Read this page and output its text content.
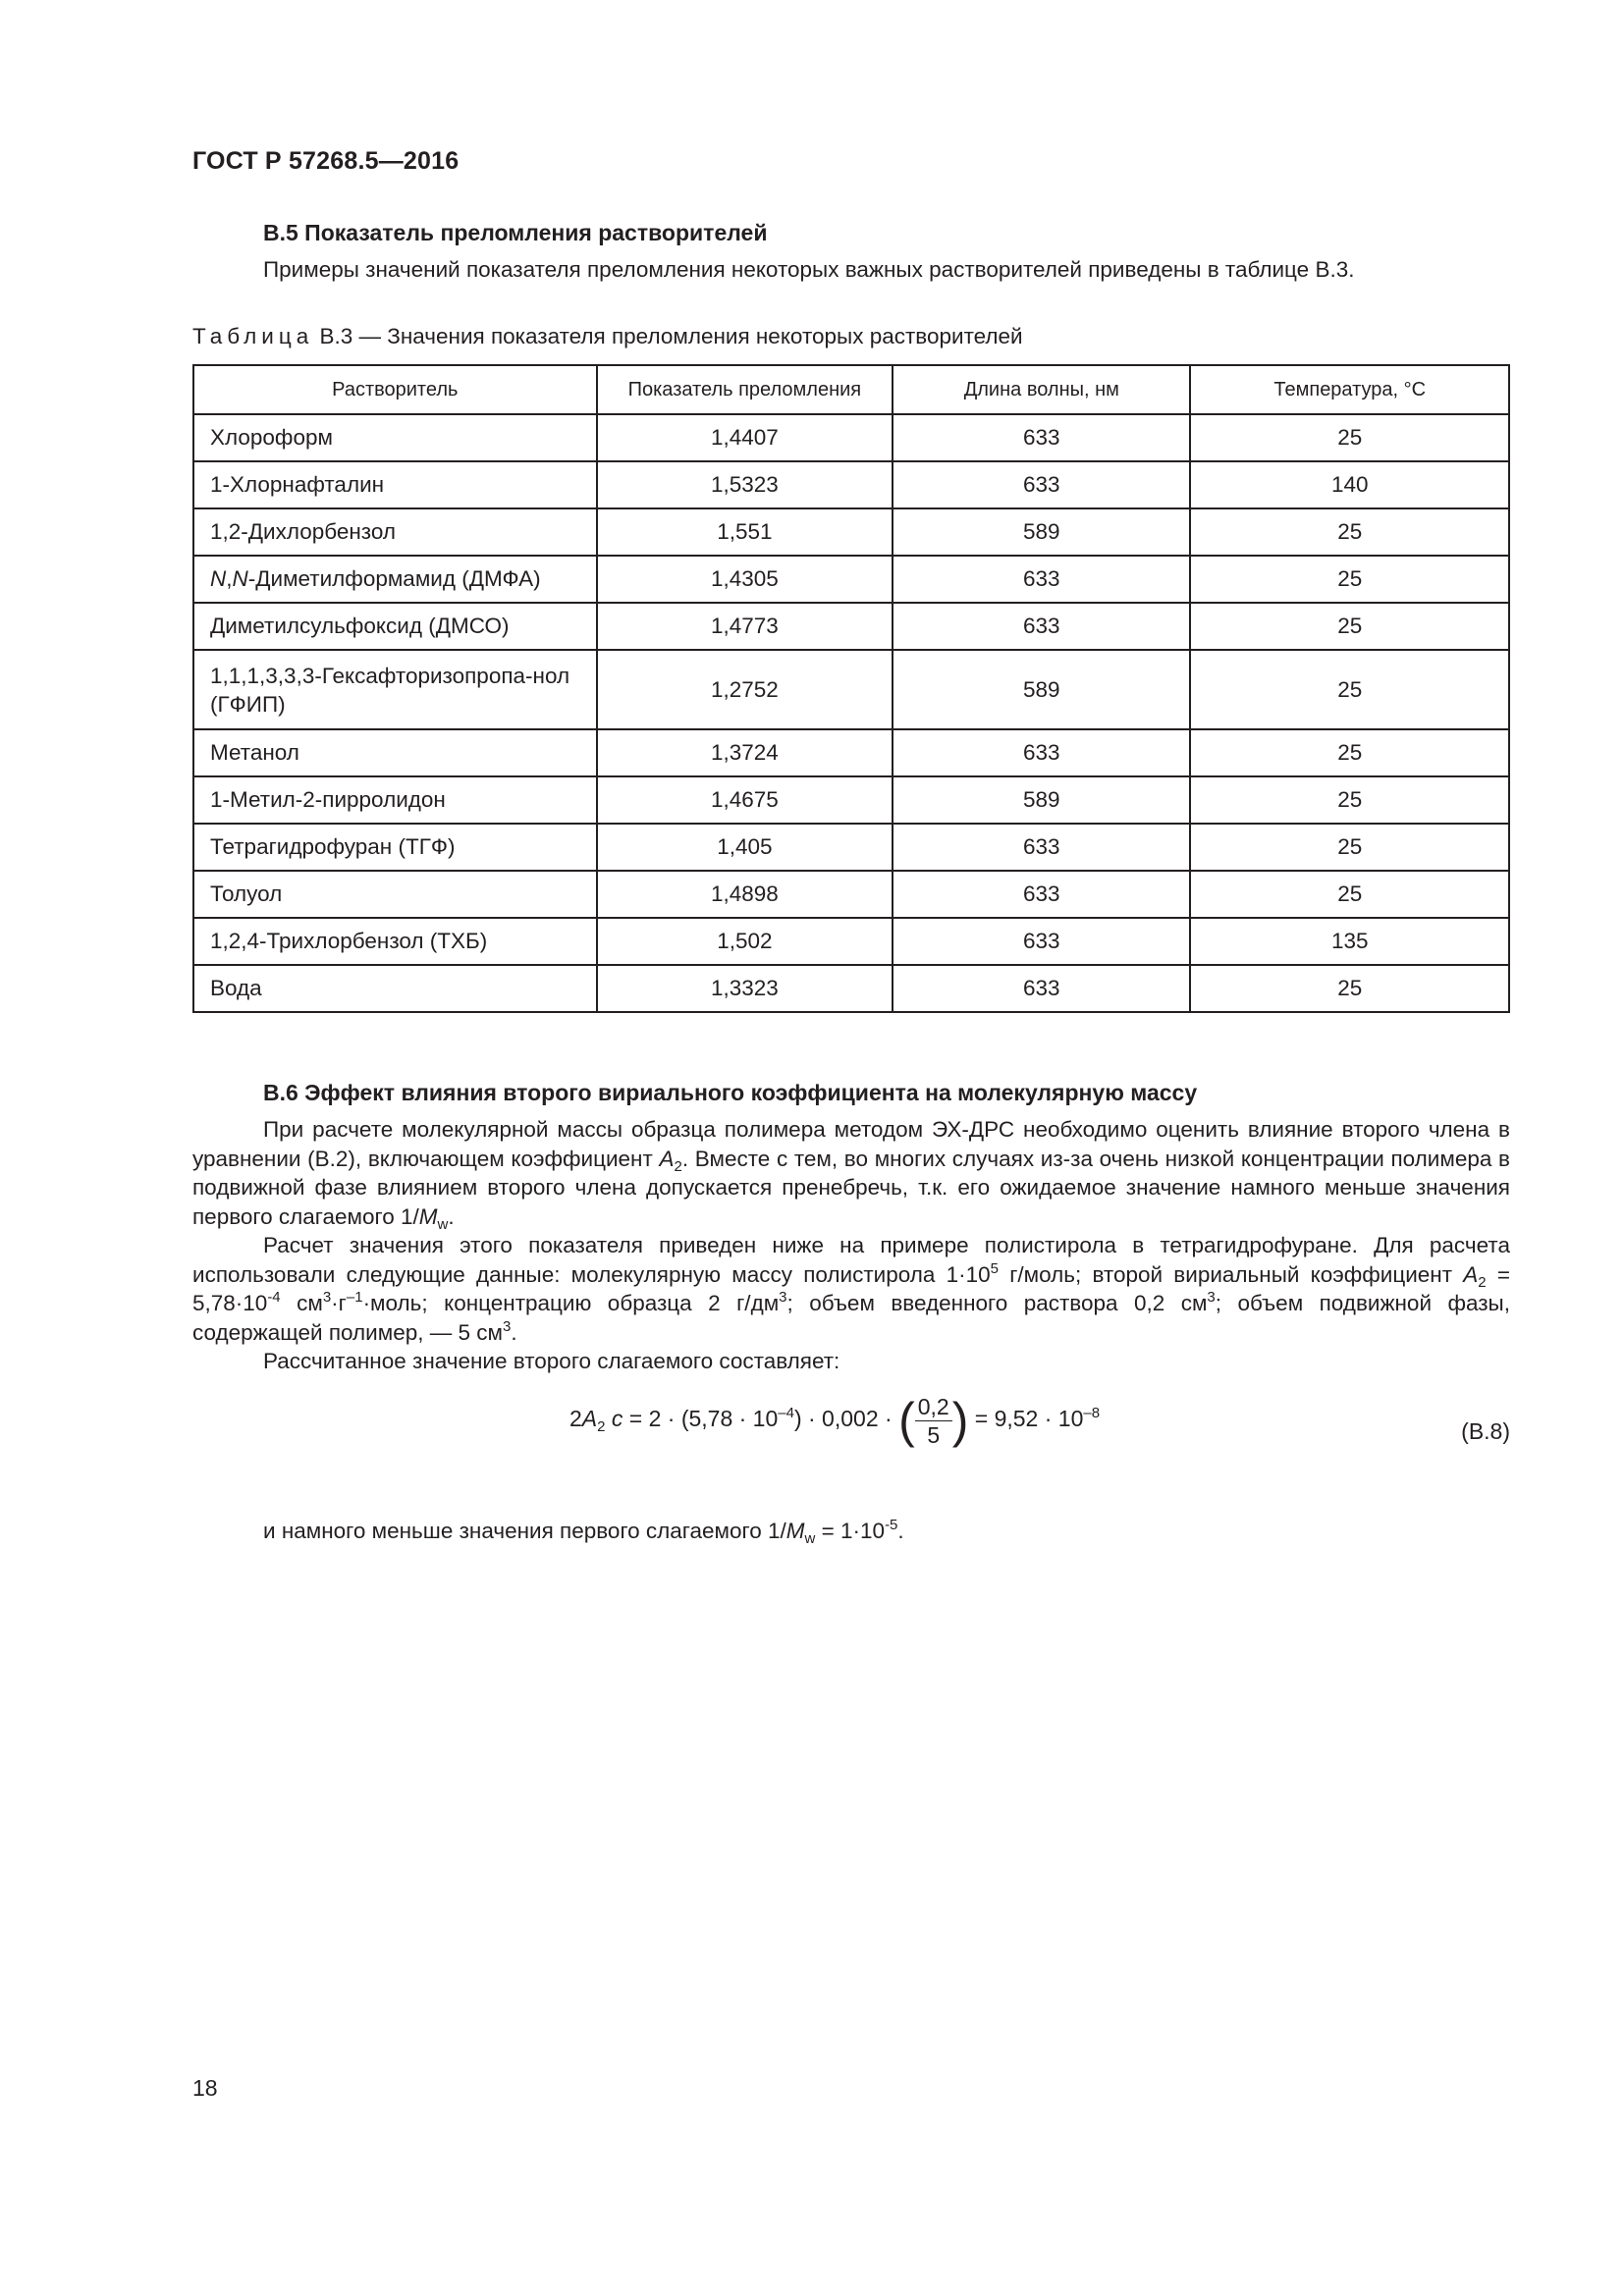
ГОСТ Р 57268.5—2016
В.5 Показатель преломления растворителей
Примеры значений показателя преломления некоторых важных растворителей приведены в таблице В.3.
Таблица В.3 — Значения показателя преломления некоторых растворителей
Растворитель	Показатель преломления	Длина волны, нм	Температура, °С
Хлороформ	1,4407	633	25
1-Хлорнафталин	1,5323	633	140
1,2-Дихлорбензол	1,551	589	25
N,N-Диметилформамид (ДМФА)	1,4305	633	25
Диметилсульфоксид (ДМСО)	1,4773	633	25
1,1,1,3,3,3-Гексафторизопропа-нол (ГФИП)	1,2752	589	25
Метанол	1,3724	633	25
1-Метил-2-пирролидон	1,4675	589	25
Тетрагидрофуран (ТГФ)	1,405	633	25
Толуол	1,4898	633	25
1,2,4-Трихлорбензол (ТХБ)	1,502	633	135
Вода	1,3323	633	25
В.6 Эффект влияния второго вириального коэффициента на молекулярную массу
При расчете молекулярной массы образца полимера методом ЭХ-ДРС необходимо оценить влияние второго члена в уравнении (В.2), включающем коэффициент $A_2$. Вместе с тем, во многих случаях из-за очень низкой концентрации полимера в подвижной фазе влиянием второго члена допускается пренебречь, т.к. его ожидаемое значение намного меньше значения первого слагаемого $1/M_w$.
Расчет значения этого показателя приведен ниже на примере полистирола в тетрагидрофуране. Для расчета использовали следующие данные: молекулярную массу полистирола $1\cdot 10^5$ г/моль; второй вириальный коэффициент $A_2 = 5,78\cdot 10^{-4}$ $см^3\cdot г^{-1}\cdot моль$; концентрацию образца 2 $г/дм^3$; объем введенного раствора 0,2 $см^3$; объем подвижной фазы, содержащей полимер, — 5 $см^3$.
Рассчитанное значение второго слагаемого составляет:
$2A_2$ $c = 2 \cdot (5,78 \cdot 10^{-4}) \cdot 0,002$ · ( $\frac{0,2}{5}$ ) = $9,52 \cdot 10^{-8}$
(В.8)
и намного меньше значения первого слагаемого $1/M_w = 1\cdot 10^{-5}$.
18
